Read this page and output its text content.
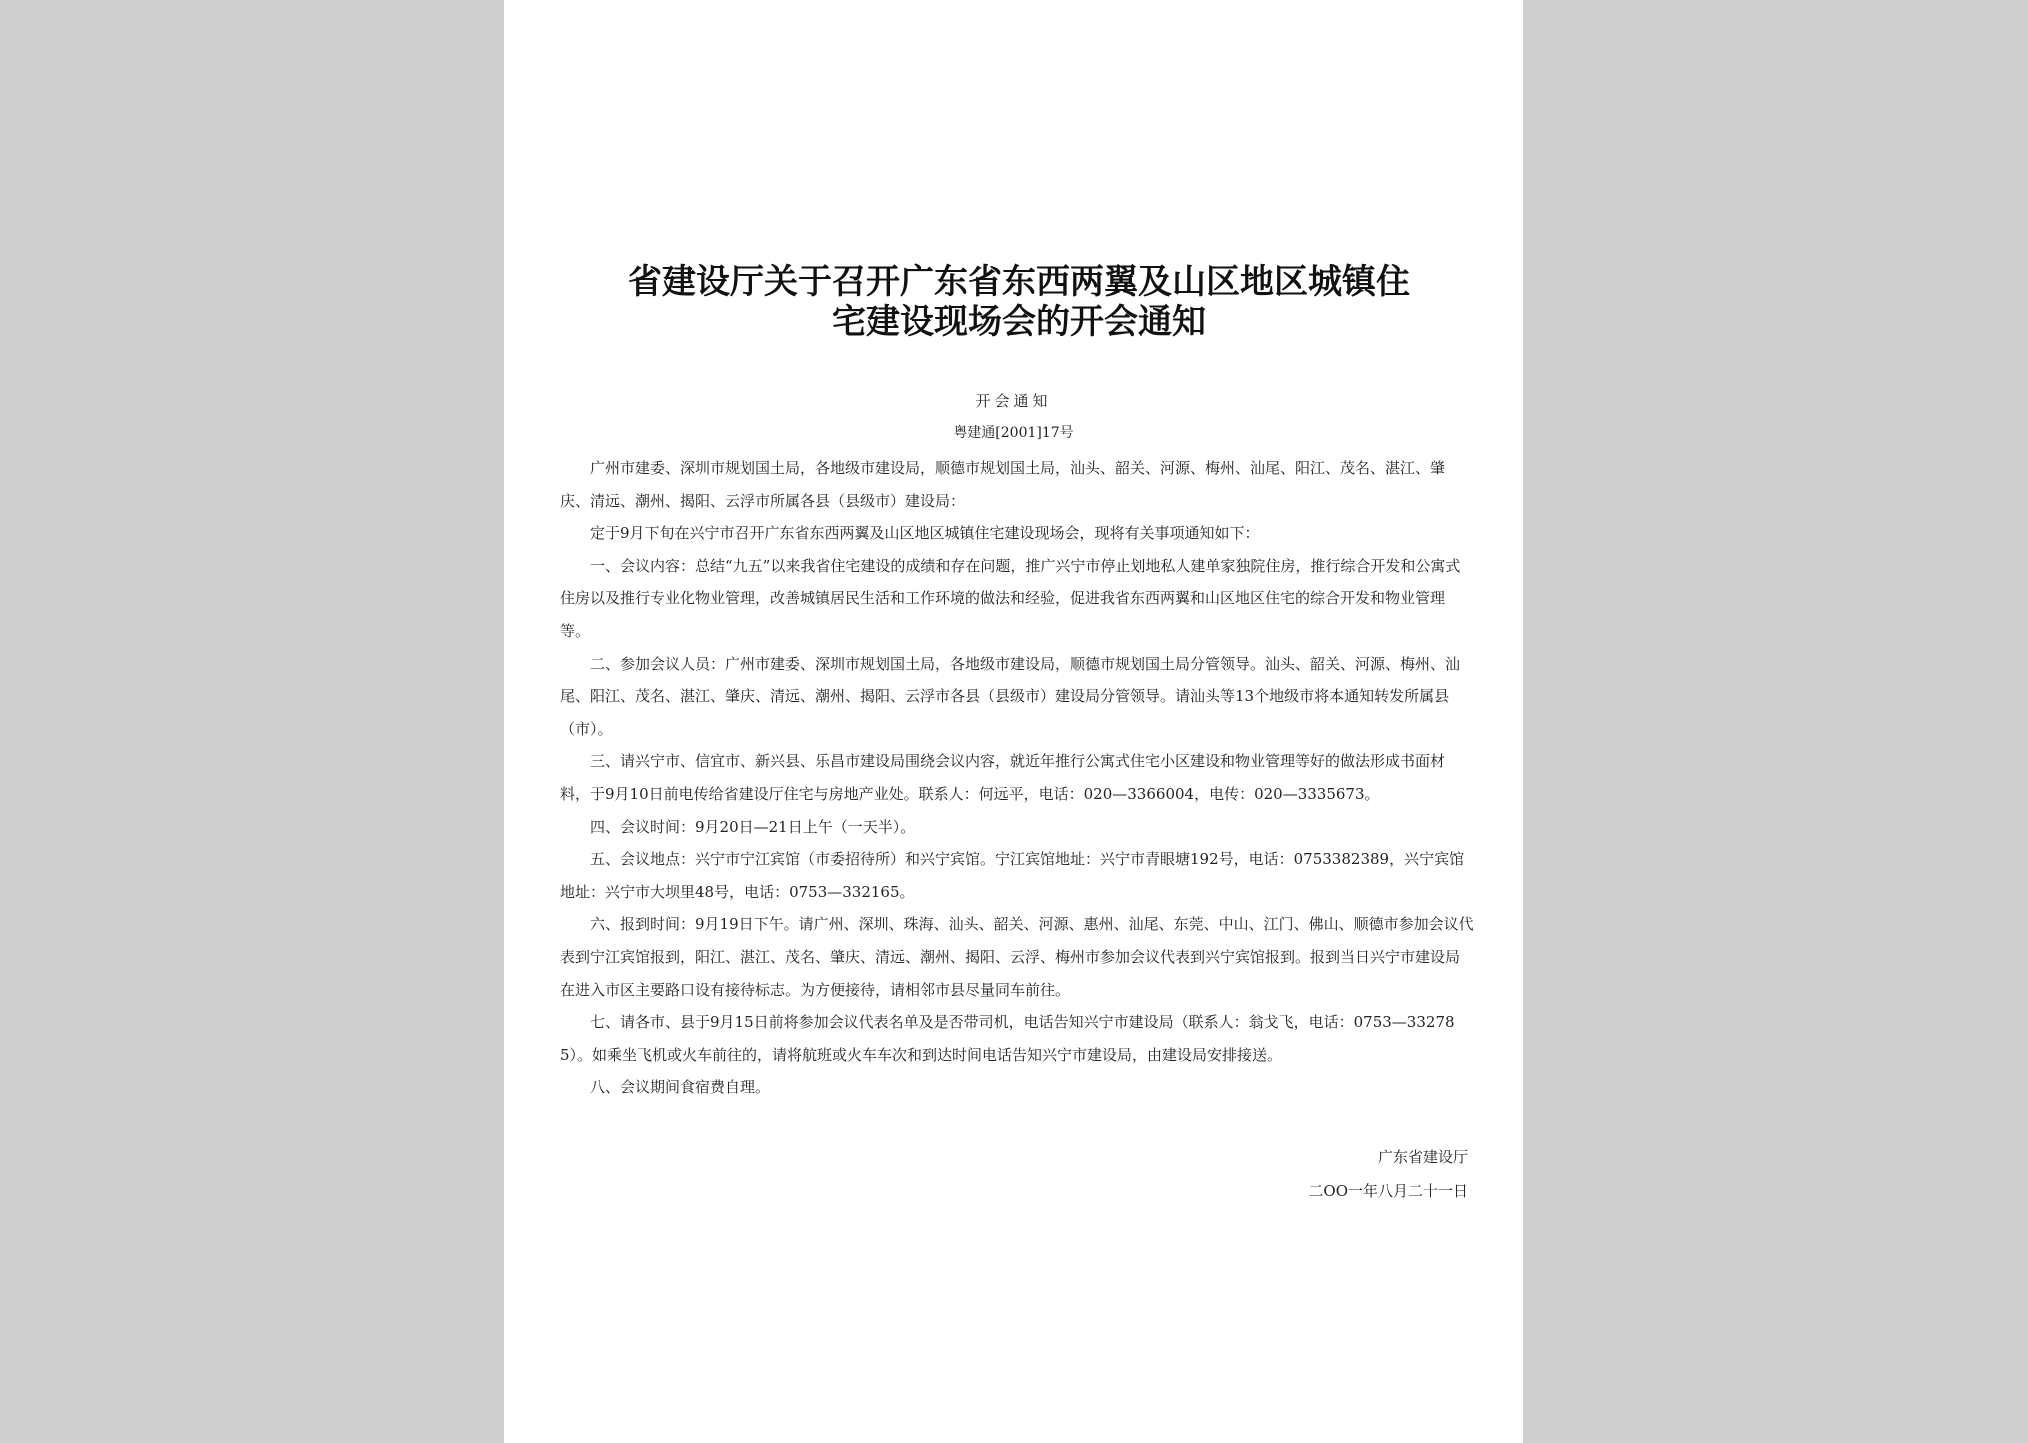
省建设厅关于召开广东省东西两翼及山区地区城镇住
宅建设现场会的开会通知
开会通知
粤建通[2001]17号

广州市建委、深圳市规划国土局，各地级市建设局，顺德市规划国土局，汕头、韶关、河源、梅州、汕尾、阳江、茂名、湛江、肇庆、清远、潮州、揭阳、云浮市所属各县（县级市）建设局：

定于9月下旬在兴宁市召开广东省东西两翼及山区地区城镇住宅建设现场会，现将有关事项通知如下：

一、会议内容：总结“九五”以来我省住宅建设的成绩和存在问题，推广兴宁市停止划地私人建单家独院住房，推行综合开发和公寓式住房以及推行专业化物业管理，改善城镇居民生活和工作环境的做法和经验，促进我省东西两翼和山区地区住宅的综合开发和物业管理等。

二、参加会议人员：广州市建委、深圳市规划国土局，各地级市建设局，顺德市规划国土局分管领导。汕头、韶关、河源、梅州、汕尾、阳江、茂名、湛江、肇庆、清远、潮州、揭阳、云浮市各县（县级市）建设局分管领导。请汕头等13个地级市将本通知转发所属县（市）。

三、请兴宁市、信宜市、新兴县、乐昌市建设局围绕会议内容，就近年推行公寓式住宅小区建设和物业管理等好的做法形成书面材料，于9月10日前电传给省建设厅住宅与房地产业处。联系人：何远平，电话：020—3366004，电传：020—3335673。

四、会议时间：9月20日—21日上午（一天半）。

五、会议地点：兴宁市宁江宾馆（市委招待所）和兴宁宾馆。宁江宾馆地址：兴宁市青眼塘192号，电话：0753382389，兴宁宾馆地址：兴宁市大坝里48号，电话：0753—332165。

六、报到时间：9月19日下午。请广州、深圳、珠海、汕头、韶关、河源、惠州、汕尾、东莞、中山、江门、佛山、顺德市参加会议代表到宁江宾馆报到，阳江、湛江、茂名、肇庆、清远、潮州、揭阳、云浮、梅州市参加会议代表到兴宁宾馆报到。报到当日兴宁市建设局在进入市区主要路口设有接待标志。为方便接待，请相邻市县尽量同车前往。

七、请各市、县于9月15日前将参加会议代表名单及是否带司机，电话告知兴宁市建设局（联系人：翁戈飞，电话：0753—332785）。如乘坐飞机或火车前往的，请将航班或火车车次和到达时间电话告知兴宁市建设局，由建设局安排接送。

八、会议期间食宿费自理。

广东省建设厅
二OO一年八月二十一日
